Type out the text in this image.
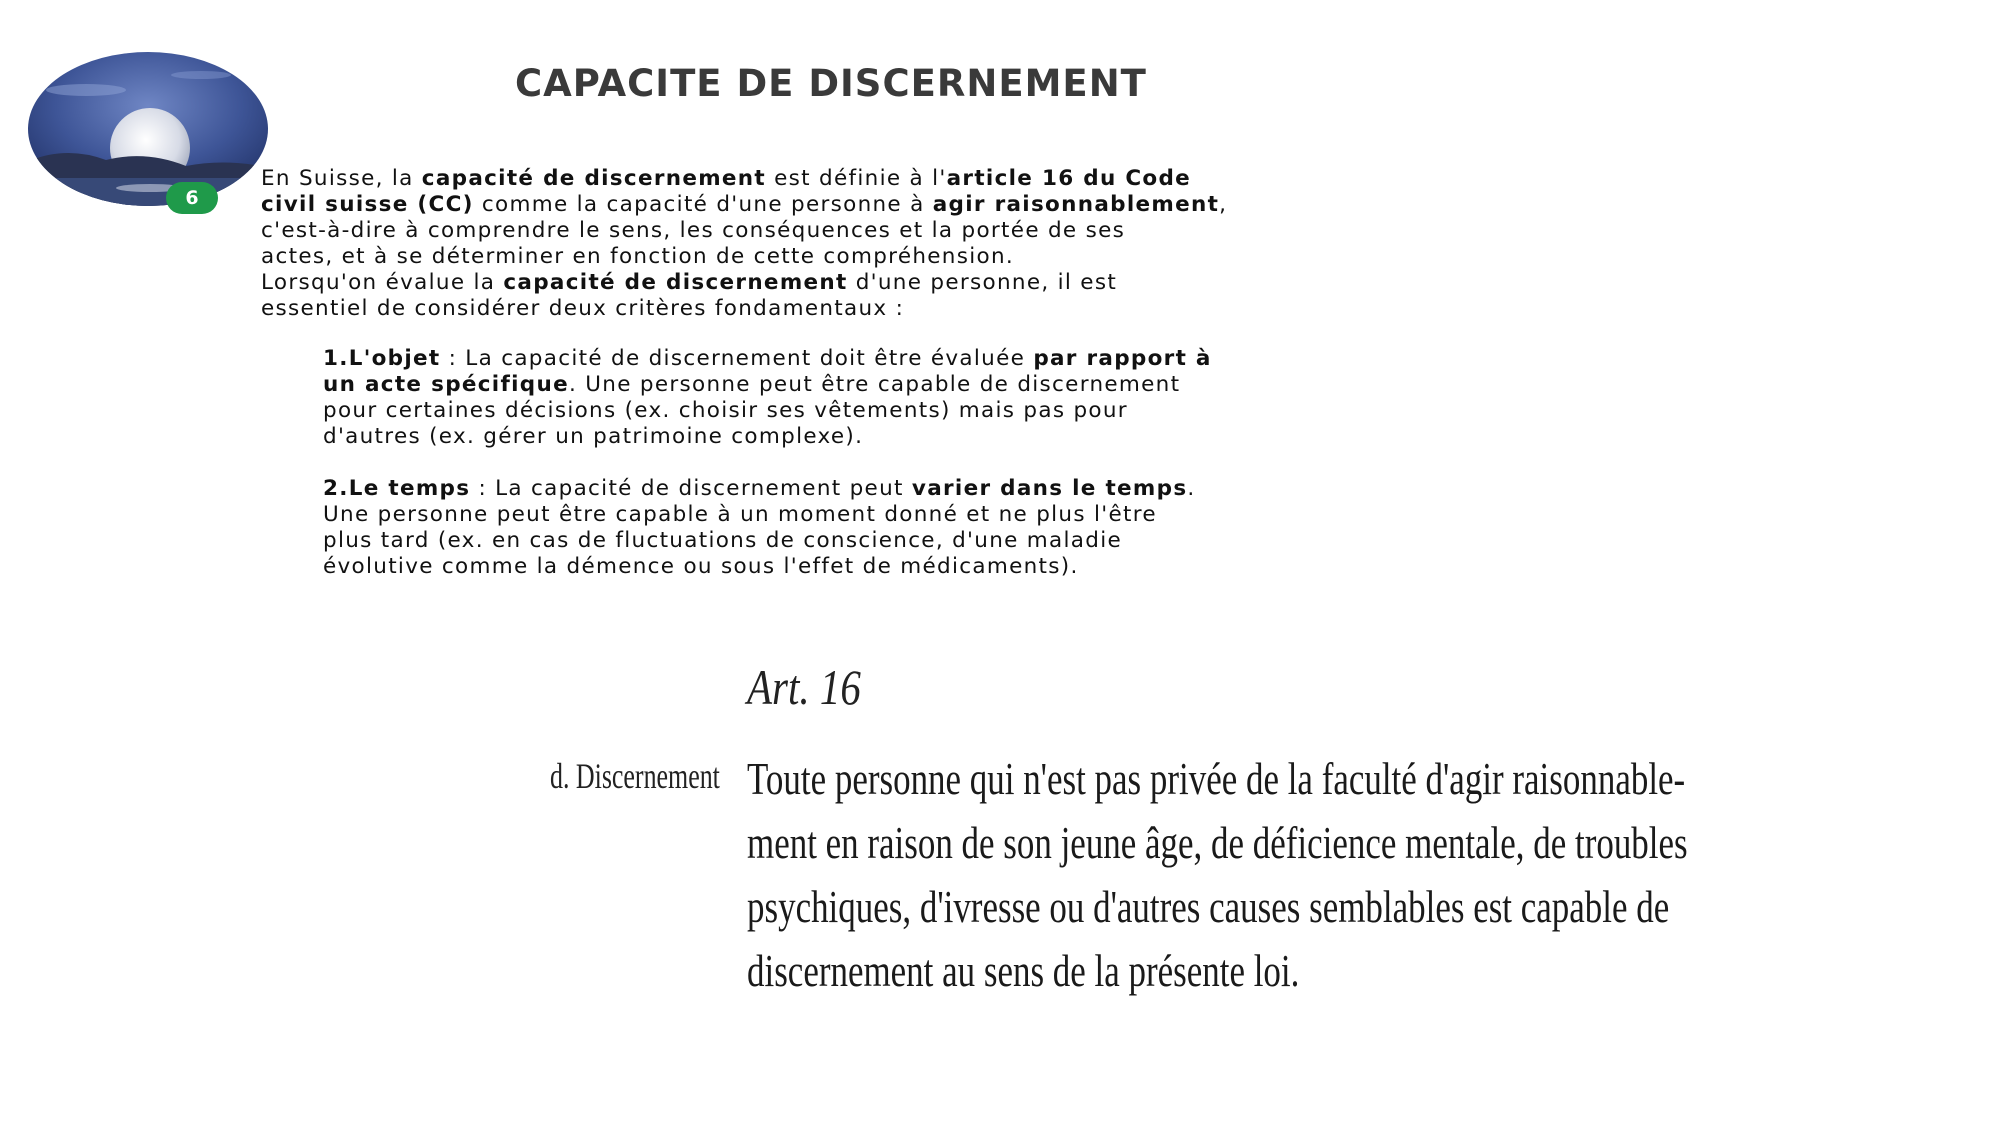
6
CAPACITE DE DISCERNEMENT

En Suisse, la capacité de discernement est définie à l'article 16 du Code

civil suisse (CC) comme la capacité d'une personne à agir raisonnablement,

c'est-à-dire à comprendre le sens, les conséquences et la portée de ses

actes, et à se déterminer en fonction de cette compréhension.

Lorsqu'on évalue la capacité de discernement d'une personne, il est

essentiel de considérer deux critères fondamentaux :

1.L'objet : La capacité de discernement doit être évaluée par rapport à
un acte spécifique. Une personne peut être capable de discernement
pour certaines décisions (ex. choisir ses vêtements) mais pas pour
d'autres (ex. gérer un patrimoine complexe).
2.Le temps : La capacité de discernement peut varier dans le temps.
Une personne peut être capable à un moment donné et ne plus l'être
plus tard (ex. en cas de fluctuations de conscience, d'une maladie
évolutive comme la démence ou sous l'effet de médicaments).
Art. 16
d. Discernement Toute personne qui n'est pas privée de la faculté d'agir raisonnable-
ment en raison de son jeune âge, de déficience mentale, de troubles
psychiques, d'ivresse ou d'autres causes semblables est capable de
discernement au sens de la présente loi.
